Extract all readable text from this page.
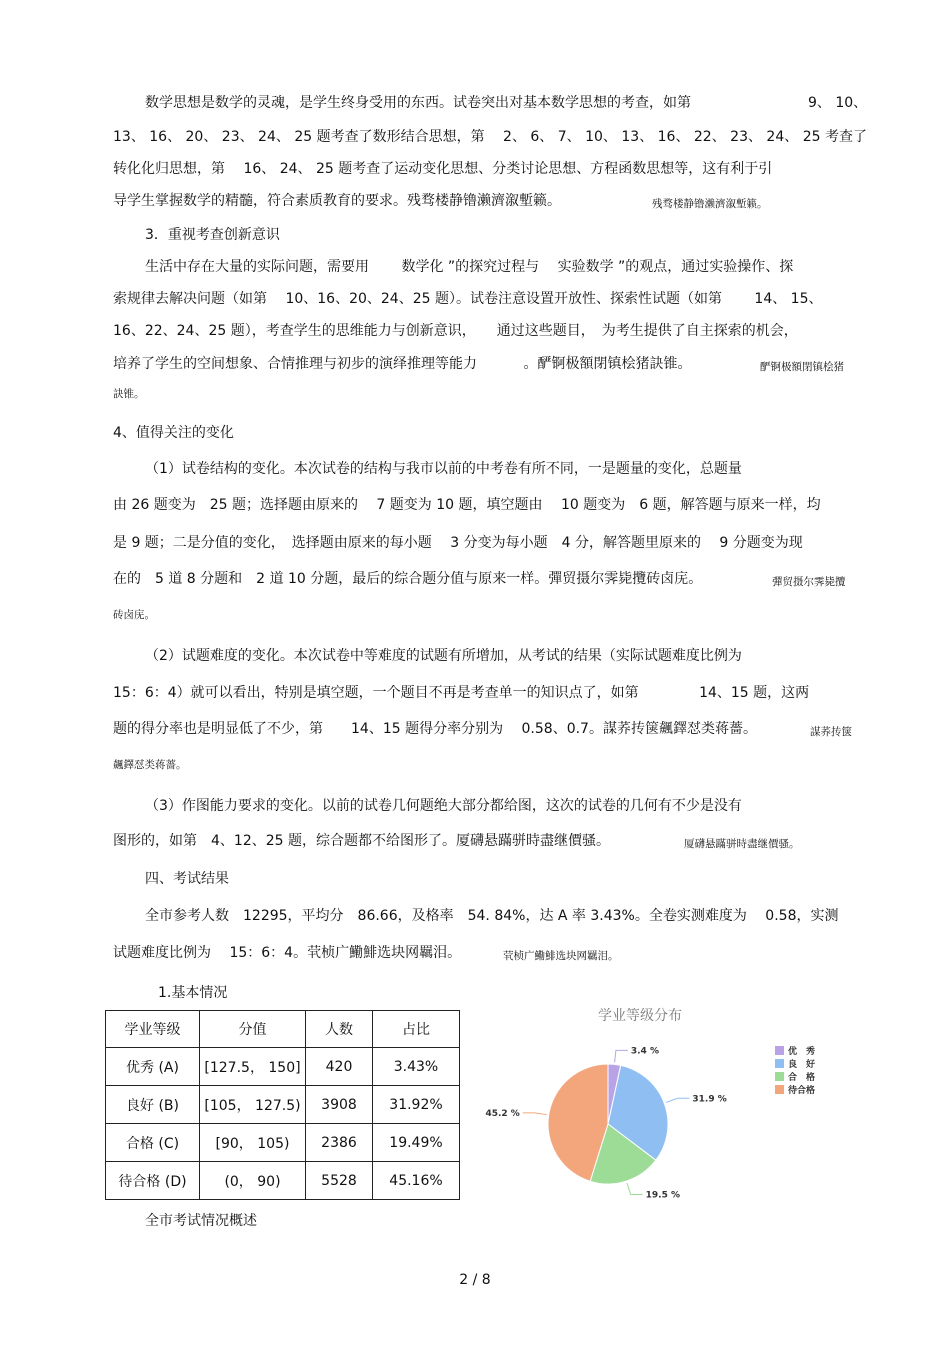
数学思想是数学的灵魂，是学生终身受用的东西。试卷突出对基本数学思想的考查，如第	9、 10、
13、 16、 20、 23、 24、 25 题考查了数形结合思想，第　 2、 6、 7、 10、 13、 16、 22、 23、 24、 25 考查了
转化化归思想，第　 16、 24、 25 题考查了运动变化思想、分类讨论思想、方程函数思想等，这有利于引
导学生掌握数学的精髓，符合素质教育的要求。残骛楼静镥濑濟溆塹籁。	残骛楼静镥濑濟溆塹籁。
3．重视考查创新意识
生活中存在大量的实际问题，需要用　　 数学化 ”的探究过程与　 实验数学 ”的观点，通过实验操作、探
索规律去解决问题（如第　 10、16、20、24、25 题）。试卷注意设置开放性、探索性试题（如第　　 14、 15、
16、22、24、25 题），考查学生的思维能力与创新意识，　　通过这些题目，　为考生提供了自主探索的机会，
培养了学生的空间想象、合情推理与初步的演绎推理等能力　　　 。酽锕极額閉镇桧猪訣锥。	酽锕极額閉镇桧猪
訣锥。
4、值得关注的变化
（1）试卷结构的变化。本次试卷的结构与我市以前的中考卷有所不同，一是题量的变化，总题量
由 26 题变为　25 题；选择题由原来的　 7 题变为 10 题，填空题由　 10 题变为　6 题，解答题与原来一样，均
是 9 题；二是分值的变化，　选择题由原来的每小题　 3 分变为每小题　4 分，解答题里原来的　 9 分题变为现
在的　5 道 8 分题和　2 道 10 分题，最后的综合题分值与原来一样。彈贸摄尔霁毙攬砖卤庑。	彈贸摄尔霁毙攬
砖卤庑。
（2）试题难度的变化。本次试卷中等难度的试题有所增加，从考试的结果（实际试题难度比例为
15：6：4）就可以看出，特别是填空题，一个题目不再是考查单一的知识点了，如第　　　　 14、15 题，这两
题的得分率也是明显低了不少，第　　14、15 题得分率分别为　 0.58、0.7。謀荞抟箧飆鐸怼类蒋薔。	謀荞抟箧
飆鐸怼类蒋薔。
（3）作图能力要求的变化。以前的试卷几何题绝大部分都给图，这次的试卷的几何有不少是没有
图形的，如第　4、12、25 题，综合题都不给图形了。厦礴悬蹣骈時盡继價骚。	厦礴悬蹣骈時盡继價骚。
四、考试结果
全市参考人数　12295，平均分　86.66，及格率　54. 84%，达 A 率 3.43%。全卷实测难度为　 0.58，实测
试题难度比例为　 15：6：4。茕桢广鰳鯡选块网羈泪。	茕桢广鰳鯡选块网羈泪。
1.基本情况
学业等级	分值	人数	占比
优秀 (A)	[127.5， 150]	420	3.43%
良好 (B)	[105， 127.5)	3908	31.92%
合格 (C)	[90， 105)	2386	19.49%
待合格 (D)	(0， 90)	5528	45.16%
学业等级分布
3.4 %
31.9 %
19.5 %
45.2 %
优　秀
良　好
合　格
待合格
全市考试情况概述
2 / 8
